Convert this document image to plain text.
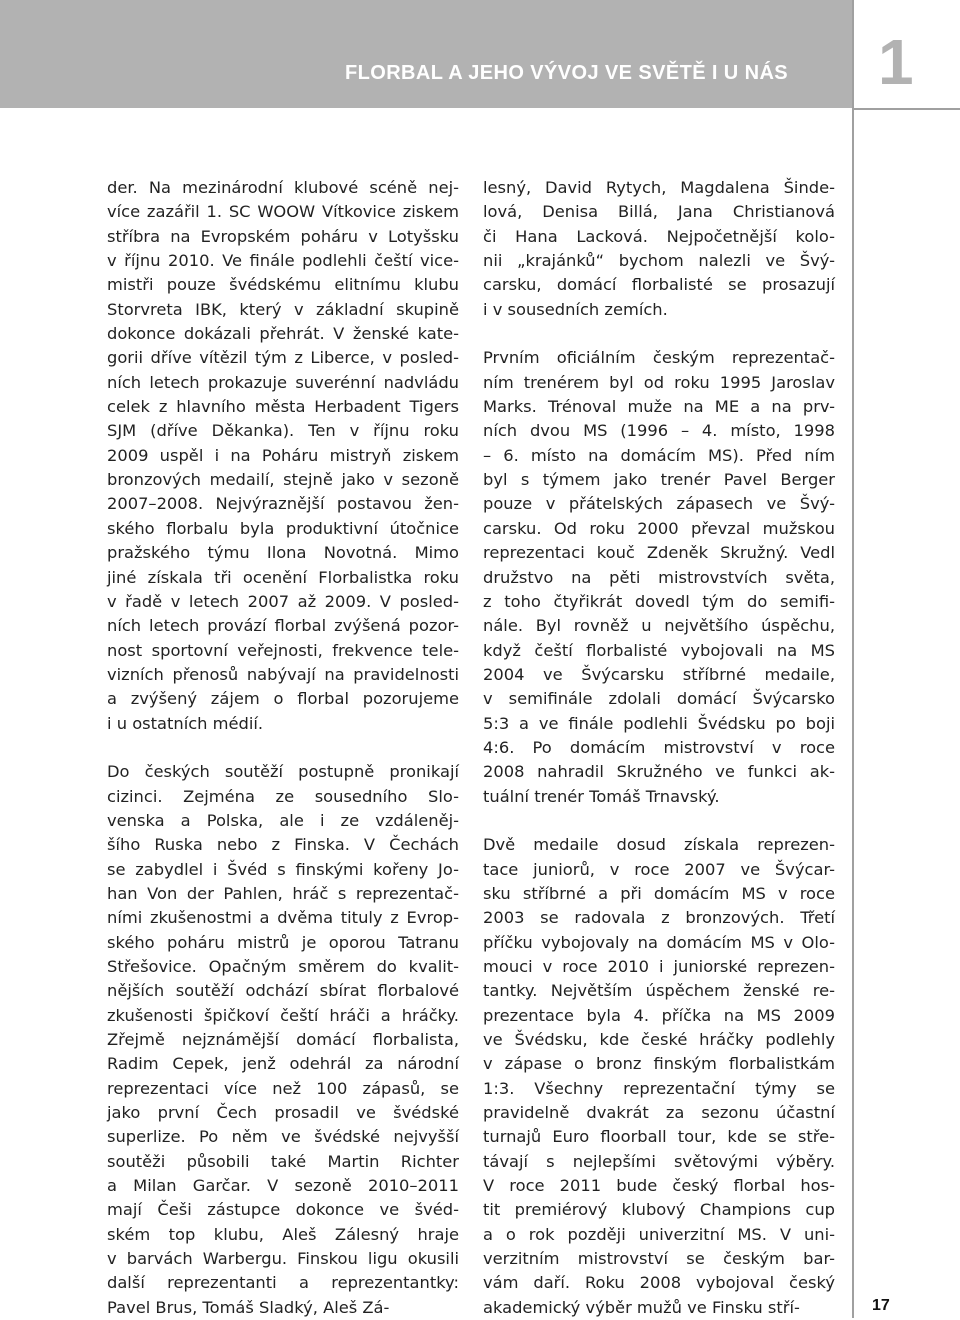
FLORBAL A JEHO VÝVOJ VE SVĚTĚ I U NÁS 1

der. Na mezinárodní klubové scéně nej-
více zazářil 1. SC WOOW Vítkovice ziskem
stříbra na Evropském poháru v Lotyšsku
v říjnu 2010. Ve finále podlehli čeští vice-
mistři pouze švédskému elitnímu klubu
Storvreta IBK, který v základní skupině
dokonce dokázali přehrát. V ženské kate-
gorii dříve vítězil tým z Liberce, v posled-
ních letech prokazuje suverénní nadvládu
celek z hlavního města Herbadent Tigers
SJM (dříve Děkanka). Ten v říjnu roku
2009 uspěl i na Poháru mistryň ziskem
bronzových medailí, stejně jako v sezoně
2007–2008. Nejvýraznější postavou žen-
ského florbalu byla produktivní útočnice
pražského týmu Ilona Novotná. Mimo
jiné získala tři ocenění Florbalistka roku
v řadě v letech 2007 až 2009. V posled-
ních letech provází florbal zvýšená pozor-
nost sportovní veřejnosti, frekvence tele-
vizních přenosů nabývají na pravidelnosti
a zvýšený zájem o florbal pozorujeme
i u ostatních médií.

Do českých soutěží postupně pronikají
cizinci. Zejména ze sousedního Slo-
venska a Polska, ale i ze vzdáleněj-
šího Ruska nebo z Finska. V Čechách
se zabydlel i Švéd s finskými kořeny Jo-
han Von der Pahlen, hráč s reprezentač-
ními zkušenostmi a dvěma tituly z Evrop-
ského poháru mistrů je oporou Tatranu
Střešovice. Opačným směrem do kvalit-
nějších soutěží odchází sbírat florbalové
zkušenosti špičkoví čeští hráči a hráčky.
Zřejmě nejznámější domácí florbalista,
Radim Cepek, jenž odehrál za národní
reprezentaci více než 100 zápasů, se
jako první Čech prosadil ve švédské
superlize. Po něm ve švédské nejvyšší
soutěži působili také Martin Richter
a Milan Garčar. V sezoně 2010–2011
mají Češi zástupce dokonce ve švéd-
ském top klubu, Aleš Zálesný hraje
v barvách Warbergu. Finskou ligu okusili
další reprezentanti a reprezentantky:
Pavel Brus, Tomáš Sladký, Aleš Zá-

lesný, David Rytych, Magdalena Šinde-
lová, Denisa Billá, Jana Christianová
či Hana Lacková. Nejpočetnější kolo-
nii „krajánků“ bychom nalezli ve Švý-
carsku, domácí florbalisté se prosazují
i v sousedních zemích.

Prvním oficiálním českým reprezentač-
ním trenérem byl od roku 1995 Jaroslav
Marks. Trénoval muže na ME a na prv-
ních dvou MS (1996 – 4. místo, 1998
– 6. místo na domácím MS). Před ním
byl s týmem jako trenér Pavel Berger
pouze v přátelských zápasech ve Švý-
carsku. Od roku 2000 převzal mužskou
reprezentaci kouč Zdeněk Skružný. Vedl
družstvo na pěti mistrovstvích světa,
z toho čtyřikrát dovedl tým do semifi-
nále. Byl rovněž u největšího úspěchu,
když čeští florbalisté vybojovali na MS
2004 ve Švýcarsku stříbrné medaile,
v semifinále zdolali domácí Švýcarsko
5:3 a ve finále podlehli Švédsku po boji
4:6. Po domácím mistrovství v roce
2008 nahradil Skružného ve funkci ak-
tuální trenér Tomáš Trnavský.

Dvě medaile dosud získala reprezen-
tace juniorů, v roce 2007 ve Švýcar-
sku stříbrné a při domácím MS v roce
2003 se radovala z bronzových. Třetí
příčku vybojovaly na domácím MS v Olo-
mouci v roce 2010 i juniorské reprezen-
tantky. Největším úspěchem ženské re-
prezentace byla 4. příčka na MS 2009
ve Švédsku, kde české hráčky podlehly
v zápase o bronz finským florbalistkám
1:3. Všechny reprezentační týmy se
pravidelně dvakrát za sezonu účastní
turnajů Euro floorball tour, kde se stře-
távají s nejlepšími světovými výběry.
V roce 2011 bude český florbal hos-
tit premiérový klubový Champions cup
a o rok později univerzitní MS. V uni-
verzitním mistrovství se českým bar-
vám daří. Roku 2008 vybojoval český
akademický výběr mužů ve Finsku stří-	17
